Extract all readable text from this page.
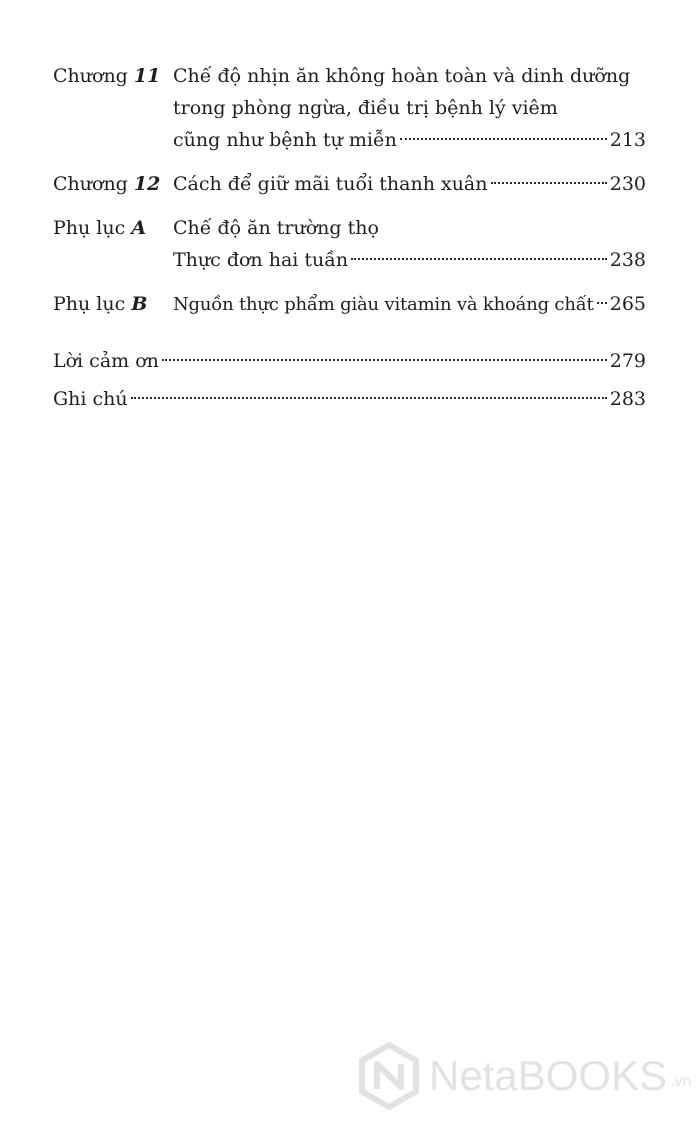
Chương 11 Chế độ nhịn ăn không hoàn toàn và dinh dưỡng
trong phòng ngừa, điều trị bệnh lý viêm
cũng như bệnh tự miễn	213
Chương 12 Cách để giữ mãi tuổi thanh xuân	230
Phụ lục A	Chế độ ăn trường thọ
Thực đơn hai tuần	238
Phụ lục B	Nguồn thực phẩm giàu vitamin và khoáng chất 265
Lời cảm ơn	279
Ghi chú	283
NetaBOOKS .vn
